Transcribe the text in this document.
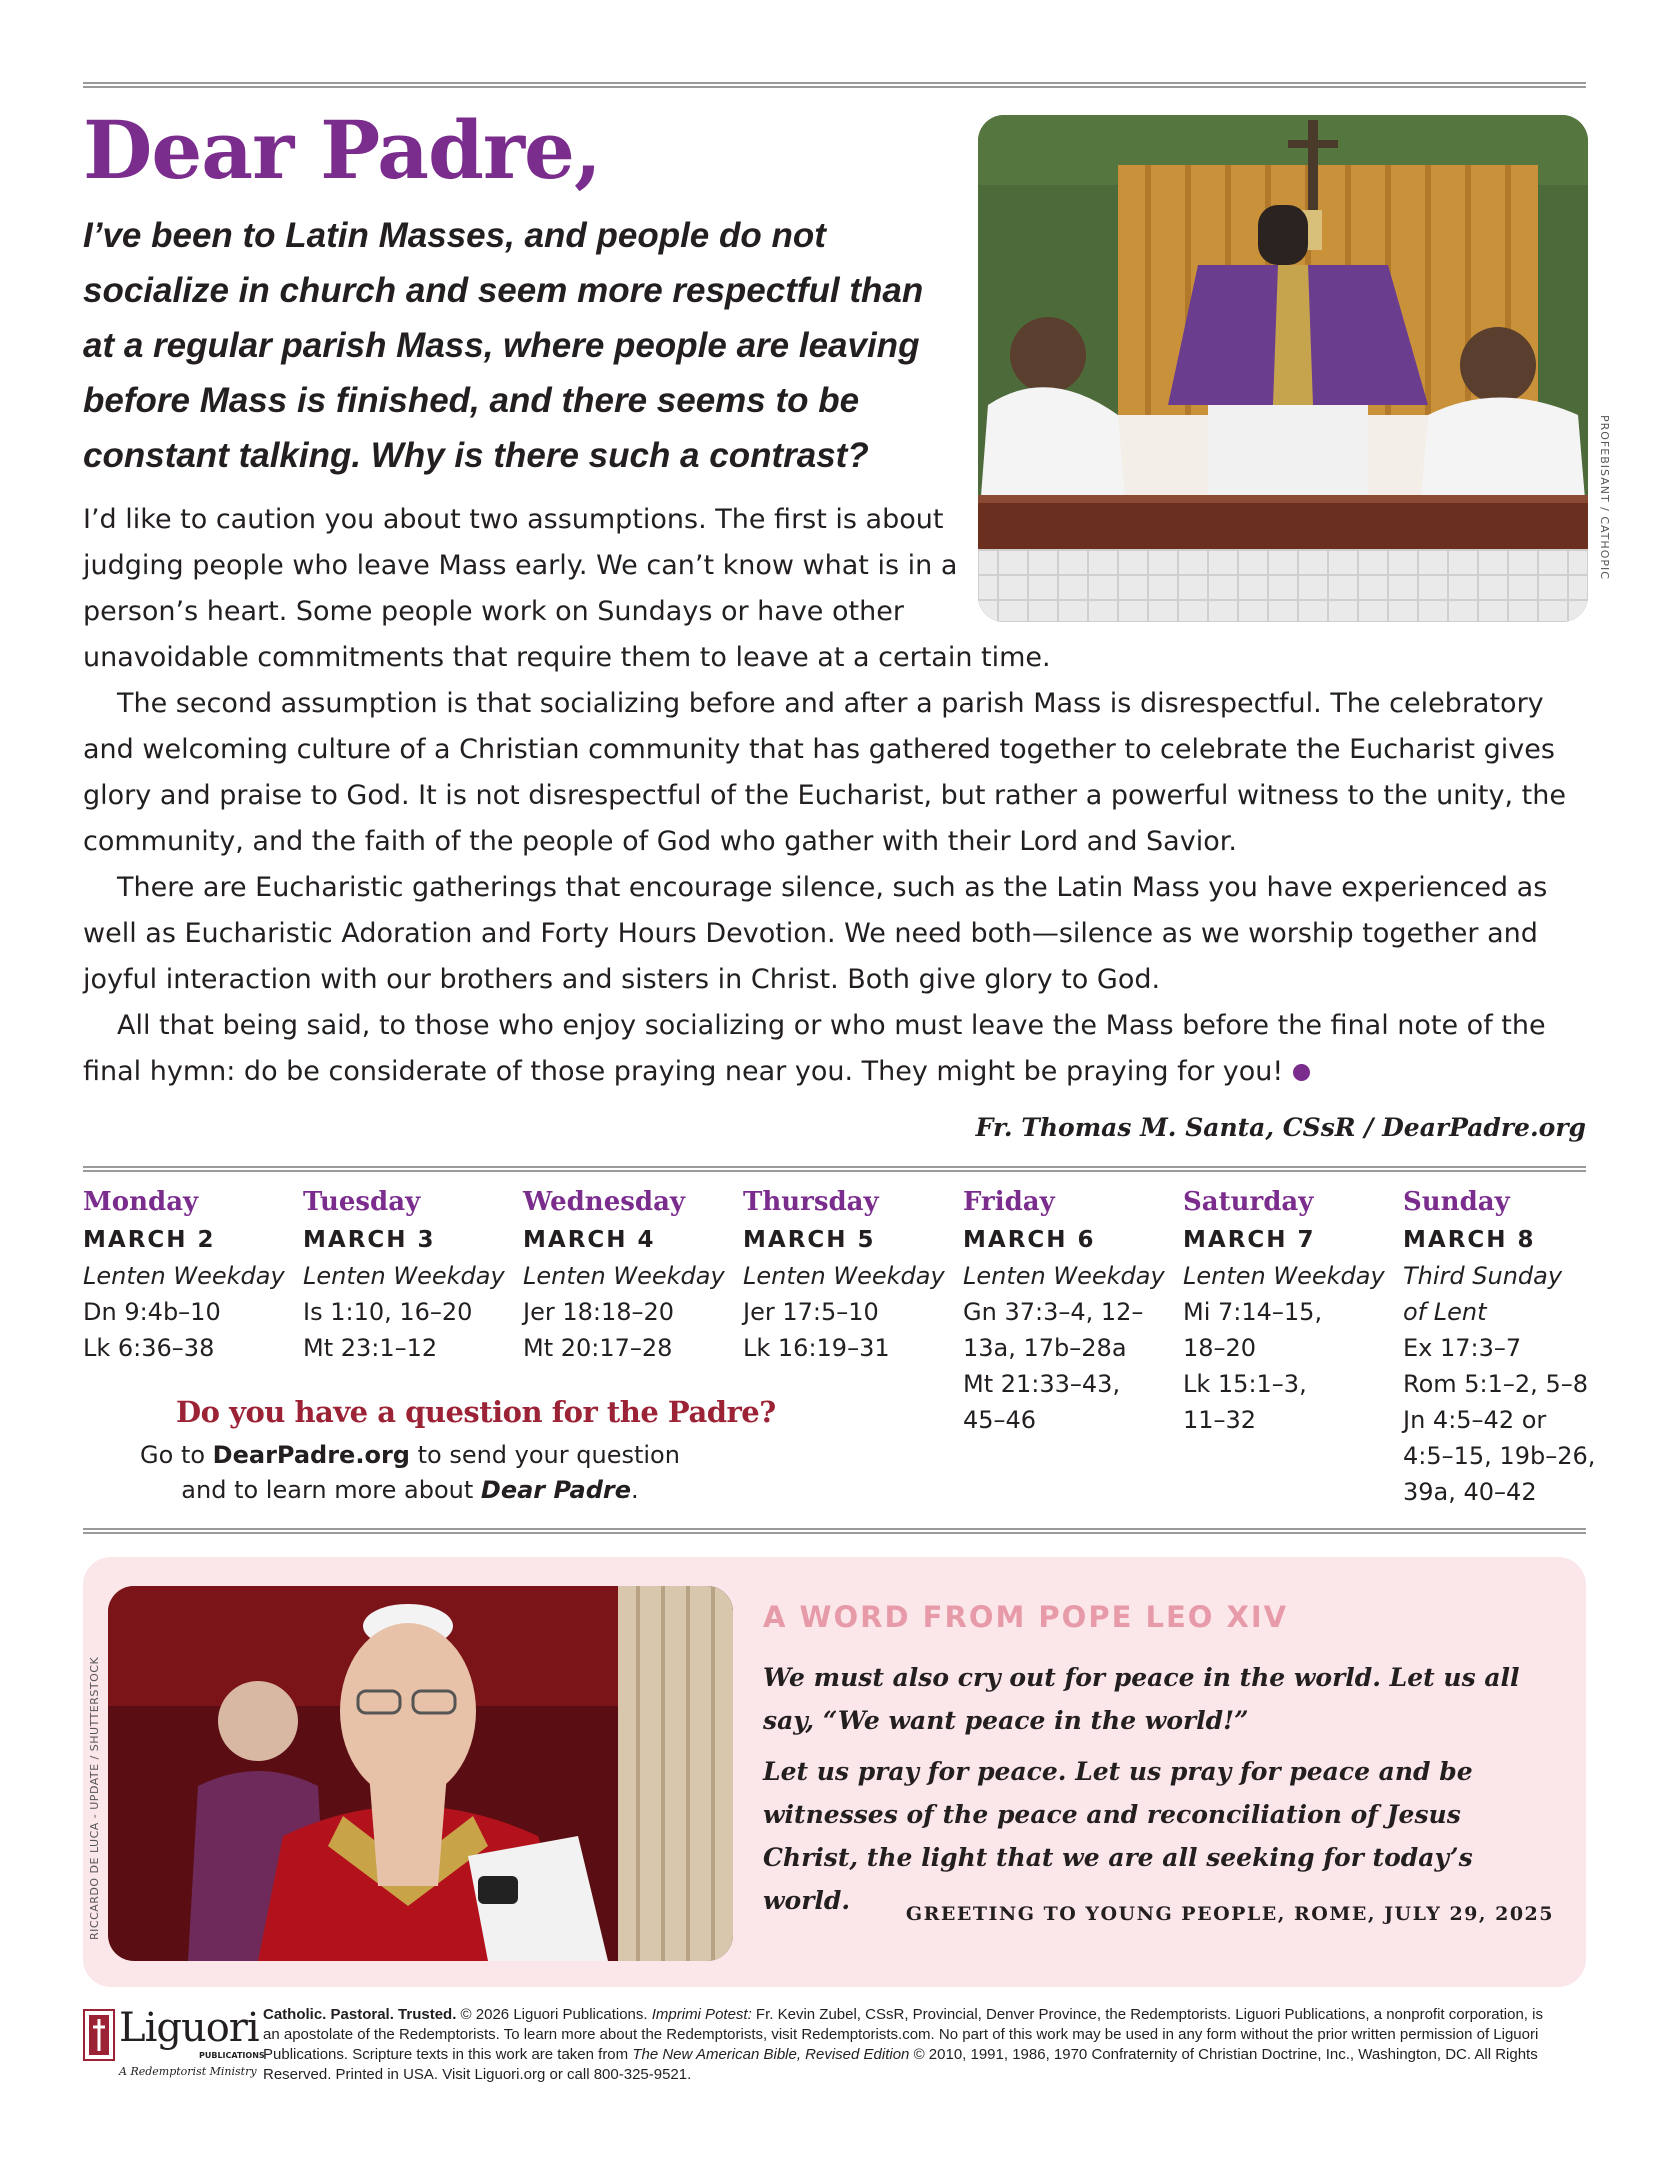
Dear Padre,
I’ve been to Latin Masses, and people do not socialize in church and seem more respectful than at a regular parish Mass, where people are leaving before Mass is finished, and there seems to be constant talking. Why is there such a contrast?	PROFEBISANT / CATHOPIC
I’d like to caution you about two assumptions. The first is about judging people who leave Mass early. We can’t know what is in a person’s heart. Some people work on Sundays or have other
unavoidable commitments that require them to leave at a certain time.
The second assumption is that socializing before and after a parish Mass is disrespectful. The celebratory and welcoming culture of a Christian community that has gathered together to celebrate the Eucharist gives glory and praise to God. It is not disrespectful of the Eucharist, but rather a powerful witness to the unity, the community, and the faith of the people of God who gather with their Lord and Savior.
There are Eucharistic gatherings that encourage silence, such as the Latin Mass you have experienced as well as Eucharistic Adoration and Forty Hours Devotion. We need both—silence as we worship together and joyful interaction with our brothers and sisters in Christ. Both give glory to God.
All that being said, to those who enjoy socializing or who must leave the Mass before the final note of the final hymn: do be considerate of those praying near you. They might be praying for you!
Fr. Thomas M. Santa, CSsR / DearPadre.org
Monday
MARCH 2
Lenten Weekday
Dn 9:4b–10
Lk 6:36–38
Tuesday
MARCH 3
Lenten Weekday
Is 1:10, 16–20
Mt 23:1–12
Wednesday
MARCH 4
Lenten Weekday
Jer 18:18–20
Mt 20:17–28
Thursday
MARCH 5
Lenten Weekday
Jer 17:5–10
Lk 16:19–31
Friday
MARCH 6
Lenten Weekday
Gn 37:3–4, 12–
13a, 17b–28a
Mt 21:33–43,
45–46
Saturday
MARCH 7
Lenten Weekday
Mi 7:14–15,
18–20
Lk 15:1–3,
11–32
Sunday
MARCH 8
Third Sunday
of Lent
Ex 17:3–7
Rom 5:1–2, 5–8
Jn 4:5–42 or
4:5–15, 19b–26,
39a, 40–42
Do you have a question for the Padre?
Go to DearPadre.org to send your question
and to learn more about Dear Padre.
RICCARDO DE LUCA - UPDATE / SHUTTERSTOCK
A WORD FROM POPE LEO XIV
We must also cry out for peace in the world. Let us all say, “We want peace in the world!”
Let us pray for peace. Let us pray for peace and be witnesses of the peace and reconciliation of Jesus Christ, the light that we are all seeking for today’s world.	GREETING TO YOUNG PEOPLE, ROME, JULY 29, 2025
Liguori
PUBLICATIONS
A Redemptorist Ministry
Catholic. Pastoral. Trusted. © 2026 Liguori Publications. Imprimi Potest: Fr. Kevin Zubel, CSsR, Provincial, Denver Province, the Redemptorists. Liguori Publications, a nonprofit corporation, is an apostolate of the Redemptorists. To learn more about the Redemptorists, visit Redemptorists.com. No part of this work may be used in any form without the prior written permission of Liguori Publications. Scripture texts in this work are taken from The New American Bible, Revised Edition © 2010, 1991, 1986, 1970 Confraternity of Christian Doctrine, Inc., Washington, DC. All Rights Reserved. Printed in USA. Visit Liguori.org or call 800-325-9521.
